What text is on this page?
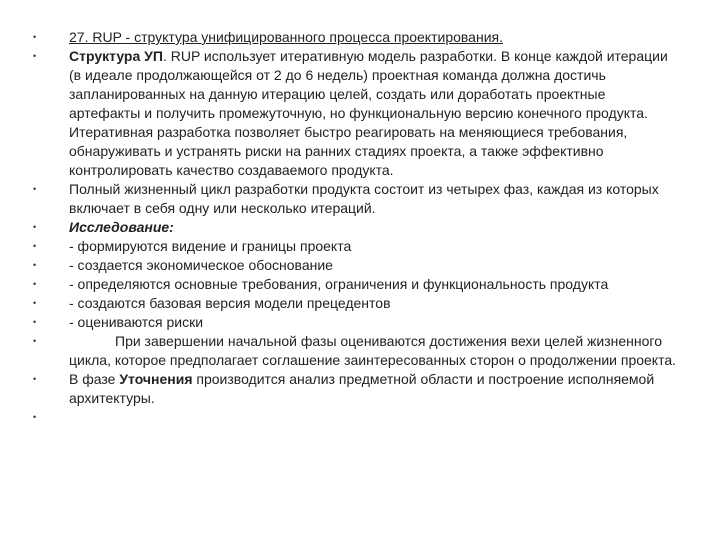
• 27. RUP - структура унифицированного процесса проектирования.
• Структура УП. RUP использует итеративную модель разработки. В конце каждой итерации (в идеале продолжающейся от 2 до 6 недель) проектная команда должна достичь запланированных на данную итерацию целей, создать или доработать проектные артефакты и получить промежуточную, но функциональную версию конечного продукта. Итеративная разработка позволяет быстро реагировать на меняющиеся требования, обнаруживать и устранять риски на ранних стадиях проекта, а также эффективно контролировать качество создаваемого продукта.
• Полный жизненный цикл разработки продукта состоит из четырех фаз, каждая из которых включает в себя одну или несколько итераций.
• Исследование:
• - формируются видение и границы проекта
• - создается экономическое обоснование
• - определяются основные требования, ограничения и функциональность продукта
• - создаются базовая версия модели прецедентов
• - оцениваются риски
•	При завершении начальной фазы оцениваются достижения вехи целей жизненного цикла, которое предполагает соглашение заинтересованных сторон о продолжении проекта.
• В фазе Уточнения производится анализ предметной области и построение исполняемой архитектуры.
•
